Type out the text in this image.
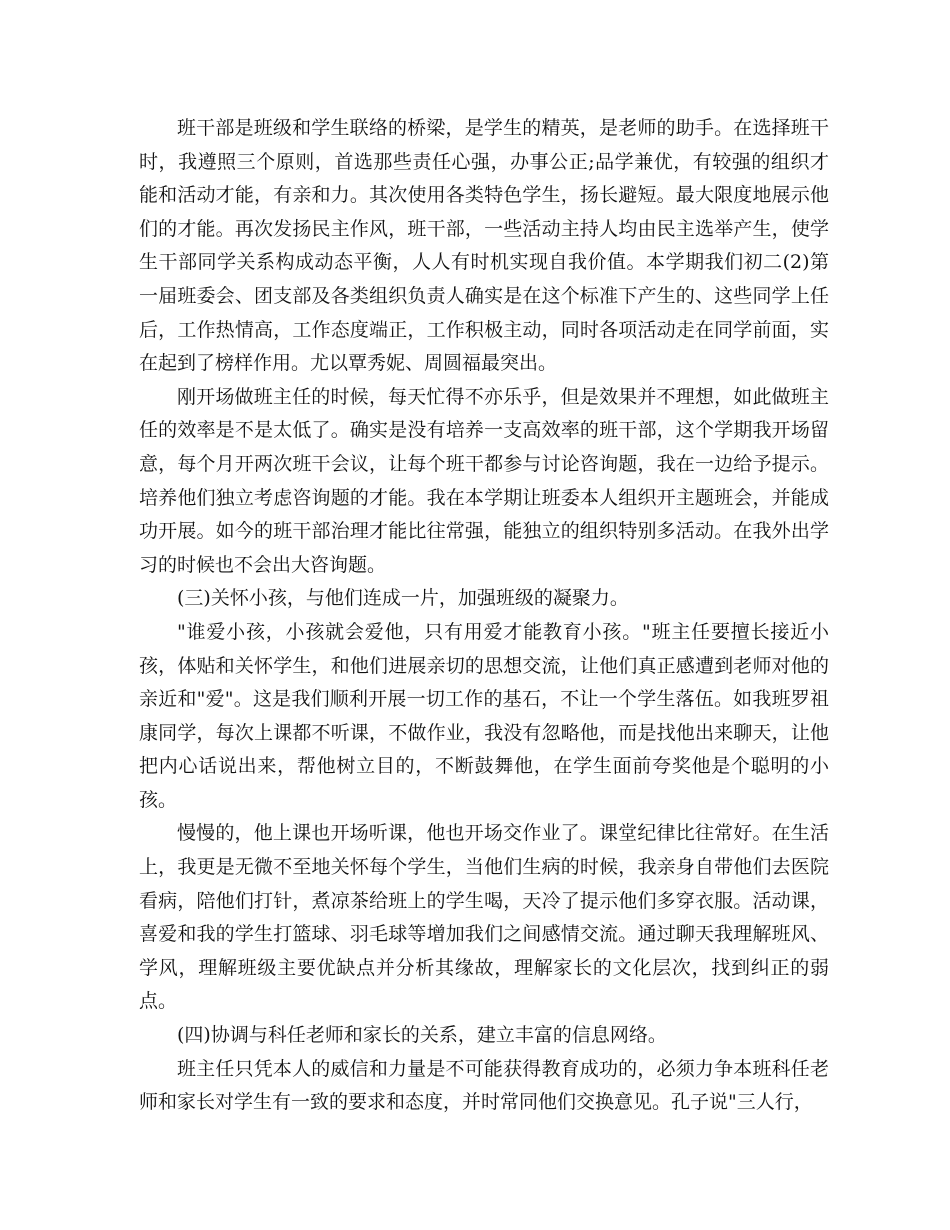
班干部是班级和学生联络的桥梁，是学生的精英，是老师的助手。在选择班干时，我遵照三个原则，首选那些责任心强，办事公正;品学兼优，有较强的组织才能和活动才能，有亲和力。其次使用各类特色学生，扬长避短。最大限度地展示他们的才能。再次发扬民主作风，班干部，一些活动主持人均由民主选举产生，使学生干部同学关系构成动态平衡，人人有时机实现自我价值。本学期我们初二(2)第一届班委会、团支部及各类组织负责人确实是在这个标准下产生的、这些同学上任后，工作热情高，工作态度端正，工作积极主动，同时各项活动走在同学前面，实在起到了榜样作用。尤以覃秀妮、周圆福最突出。

刚开场做班主任的时候，每天忙得不亦乐乎，但是效果并不理想，如此做班主任的效率是不是太低了。确实是没有培养一支高效率的班干部，这个学期我开场留意，每个月开两次班干会议，让每个班干都参与讨论咨询题，我在一边给予提示。培养他们独立考虑咨询题的才能。我在本学期让班委本人组织开主题班会，并能成功开展。如今的班干部治理才能比往常强，能独立的组织特别多活动。在我外出学习的时候也不会出大咨询题。

(三)关怀小孩，与他们连成一片，加强班级的凝聚力。

"谁爱小孩，小孩就会爱他，只有用爱才能教育小孩。"班主任要擅长接近小孩，体贴和关怀学生，和他们进展亲切的思想交流，让他们真正感遭到老师对他的亲近和"爱"。这是我们顺利开展一切工作的基石，不让一个学生落伍。如我班罗祖康同学，每次上课都不听课，不做作业，我没有忽略他，而是找他出来聊天，让他把内心话说出来，帮他树立目的，不断鼓舞他，在学生面前夸奖他是个聪明的小孩。

慢慢的，他上课也开场听课，他也开场交作业了。课堂纪律比往常好。在生活上，我更是无微不至地关怀每个学生，当他们生病的时候，我亲身自带他们去医院看病，陪他们打针，煮凉茶给班上的学生喝，天冷了提示他们多穿衣服。活动课，喜爱和我的学生打篮球、羽毛球等增加我们之间感情交流。通过聊天我理解班风、学风，理解班级主要优缺点并分析其缘故，理解家长的文化层次，找到纠正的弱点。

(四)协调与科任老师和家长的关系，建立丰富的信息网络。

班主任只凭本人的威信和力量是不可能获得教育成功的，必须力争本班科任老师和家长对学生有一致的要求和态度，并时常同他们交换意见。孔子说"三人行，
